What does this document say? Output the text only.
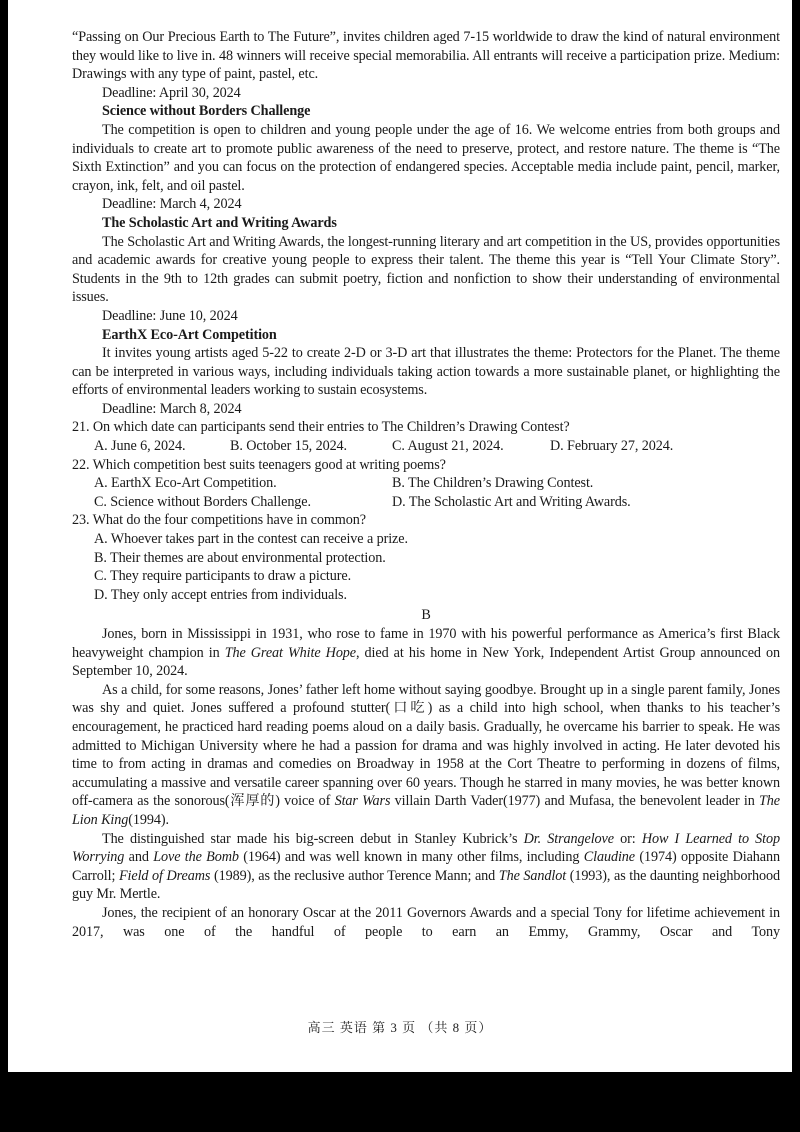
“Passing on Our Precious Earth to The Future”, invites children aged 7-15 worldwide to draw the kind of natural environment they would like to live in. 48 winners will receive special memorabilia. All entrants will receive a participation prize. Medium: Drawings with any type of paint, pastel, etc.

Deadline: April 30, 2024

Science without Borders Challenge

The competition is open to children and young people under the age of 16. We welcome entries from both groups and individuals to create art to promote public awareness of the need to preserve, protect, and restore nature. The theme is “The Sixth Extinction” and you can focus on the protection of endangered species. Acceptable media include paint, pencil, marker, crayon, ink, felt, and oil pastel.

Deadline: March 4, 2024

The Scholastic Art and Writing Awards

The Scholastic Art and Writing Awards, the longest-running literary and art competition in the US, provides opportunities and academic awards for creative young people to express their talent. The theme this year is “Tell Your Climate Story”. Students in the 9th to 12th grades can submit poetry, fiction and nonfiction to show their understanding of environmental issues.

Deadline: June 10, 2024

EarthX Eco-Art Competition

It invites young artists aged 5-22 to create 2-D or 3-D art that illustrates the theme: Protectors for the Planet. The theme can be interpreted in various ways, including individuals taking action towards a more sustainable planet, or highlighting the efforts of environmental leaders working to sustain ecosystems.

Deadline: March 8, 2024

21. On which date can participants send their entries to The Children’s Drawing Contest?

A. June 6, 2024.	B. October 15, 2024.	C. August 21, 2024.	D. February 27, 2024.

22. Which competition best suits teenagers good at writing poems?

A. EarthX Eco-Art Competition.	B. The Children’s Drawing Contest.
C. Science without Borders Challenge.	D. The Scholastic Art and Writing Awards.

23. What do the four competitions have in common?

A. Whoever takes part in the contest can receive a prize.

B. Their themes are about environmental protection.

C. They require participants to draw a picture.

D. They only accept entries from individuals.

B

Jones, born in Mississippi in 1931, who rose to fame in 1970 with his powerful performance as America’s first Black heavyweight champion in The Great White Hope, died at his home in New York, Independent Artist Group announced on September 10, 2024.

As a child, for some reasons, Jones’ father left home without saying goodbye. Brought up in a single parent family, Jones was shy and quiet. Jones suffered a profound stutter(口吃) as a child into high school, when thanks to his teacher’s encouragement, he practiced hard reading poems aloud on a daily basis. Gradually, he overcame his barrier to speak. He was admitted to Michigan University where he had a passion for drama and was highly involved in acting. He later devoted his time to from acting in dramas and comedies on Broadway in 1958 at the Cort Theatre to performing in dozens of films, accumulating a massive and versatile career spanning over 60 years. Though he starred in many movies, he was better known off-camera as the sonorous(浑厚的) voice of Star Wars villain Darth Vader(1977) and Mufasa, the benevolent leader in The Lion King(1994).

The distinguished star made his big-screen debut in Stanley Kubrick’s Dr. Strangelove or: How I Learned to Stop Worrying and Love the Bomb (1964) and was well known in many other films, including Claudine (1974) opposite Diahann Carroll; Field of Dreams (1989), as the reclusive author Terence Mann; and The Sandlot (1993), as the daunting neighborhood guy Mr. Mertle.

Jones, the recipient of an honorary Oscar at the 2011 Governors Awards and a special Tony for lifetime achievement in 2017, was one of the handful of people to earn an Emmy, Grammy, Oscar and Tony

高三 英语 第 3 页 （共 8 页）
